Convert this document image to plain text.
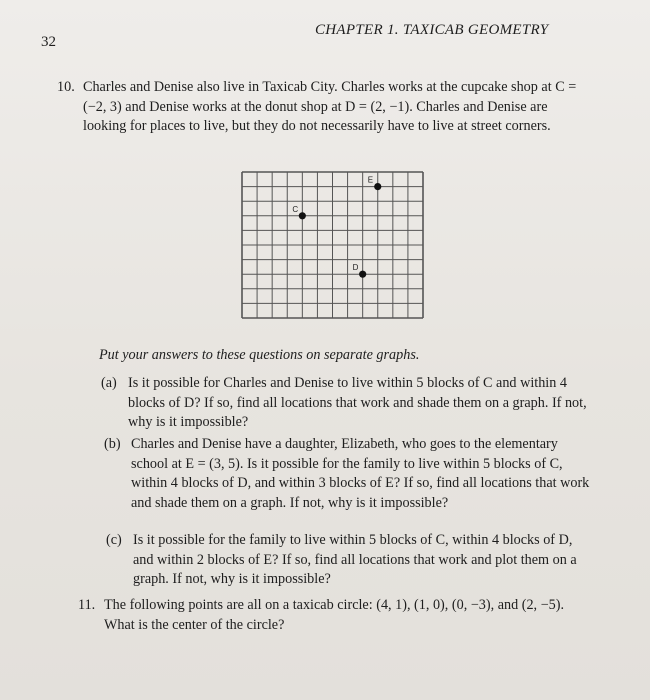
32
CHAPTER 1. TAXICAB GEOMETRY
10. Charles and Denise also live in Taxicab City. Charles works at the cupcake shop at C = (−2, 3) and Denise works at the donut shop at D = (2, −1). Charles and Denise are looking for places to live, but they do not necessarily have to live at street corners.
C
D
E
Put your answers to these questions on separate graphs.
(a) Is it possible for Charles and Denise to live within 5 blocks of C and within 4 blocks of D? If so, find all locations that work and shade them on a graph. If not, why is it impossible?
(b) Charles and Denise have a daughter, Elizabeth, who goes to the elementary school at E = (3, 5). Is it possible for the family to live within 5 blocks of C, within 4 blocks of D, and within 3 blocks of E? If so, find all locations that work and shade them on a graph. If not, why is it impossible?
(c) Is it possible for the family to live within 5 blocks of C, within 4 blocks of D, and within 2 blocks of E? If so, find all locations that work and plot them on a graph. If not, why is it impossible?
11. The following points are all on a taxicab circle: (4, 1), (1, 0), (0, −3), and (2, −5). What is the center of the circle?
